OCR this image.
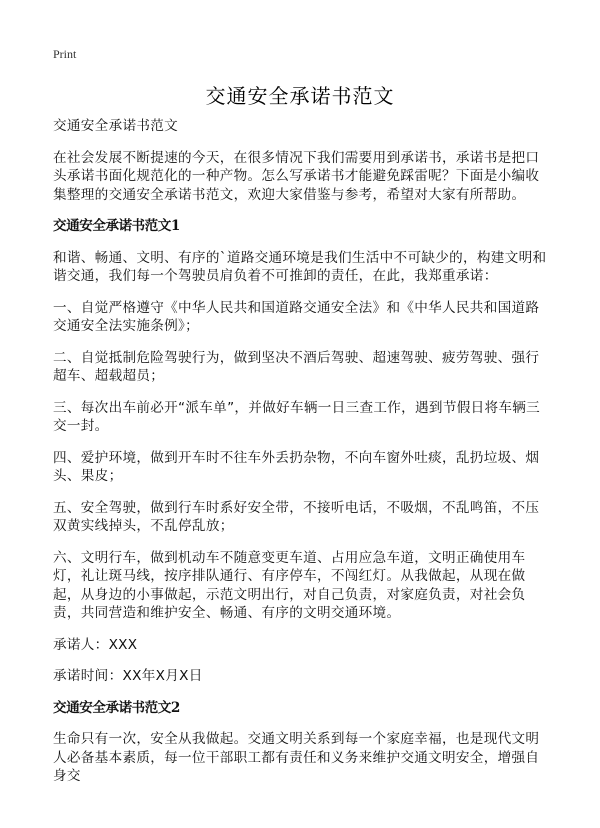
Print
交通安全承诺书范文

交通安全承诺书范文

在社会发展不断提速的今天，在很多情况下我们需要用到承诺书，承诺书是把口头承诺书面化规范化的一种产物。怎么写承诺书才能避免踩雷呢？下面是小编收集整理的交通安全承诺书范文，欢迎大家借鉴与参考，希望对大家有所帮助。

交通安全承诺书范文1

和谐、畅通、文明、有序的`道路交通环境是我们生活中不可缺少的，构建文明和谐交通，我们每一个驾驶员肩负着不可推卸的责任，在此，我郑重承诺：

一、自觉严格遵守《中华人民共和国道路交通安全法》和《中华人民共和国道路交通安全法实施条例》；

二、自觉抵制危险驾驶行为，做到坚决不酒后驾驶、超速驾驶、疲劳驾驶、强行超车、超载超员；

三、每次出车前必开“派车单”，并做好车辆一日三查工作，遇到节假日将车辆三交一封。

四、爱护环境，做到开车时不往车外丢扔杂物，不向车窗外吐痰，乱扔垃圾、烟头、果皮；

五、安全驾驶，做到行车时系好安全带，不接听电话，不吸烟，不乱鸣笛，不压双黄实线掉头，不乱停乱放；

六、文明行车，做到机动车不随意变更车道、占用应急车道，文明正确使用车灯，礼让斑马线，按序排队通行、有序停车，不闯红灯。从我做起，从现在做起，从身边的小事做起，示范文明出行，对自己负责，对家庭负责，对社会负责，共同营造和维护安全、畅通、有序的文明交通环境。

承诺人：XXX

承诺时间：XX年X月X日

交通安全承诺书范文2

生命只有一次，安全从我做起。交通文明关系到每一个家庭幸福，也是现代文明人必备基本素质，每一位干部职工都有责任和义务来维护交通文明安全，增强自身交
